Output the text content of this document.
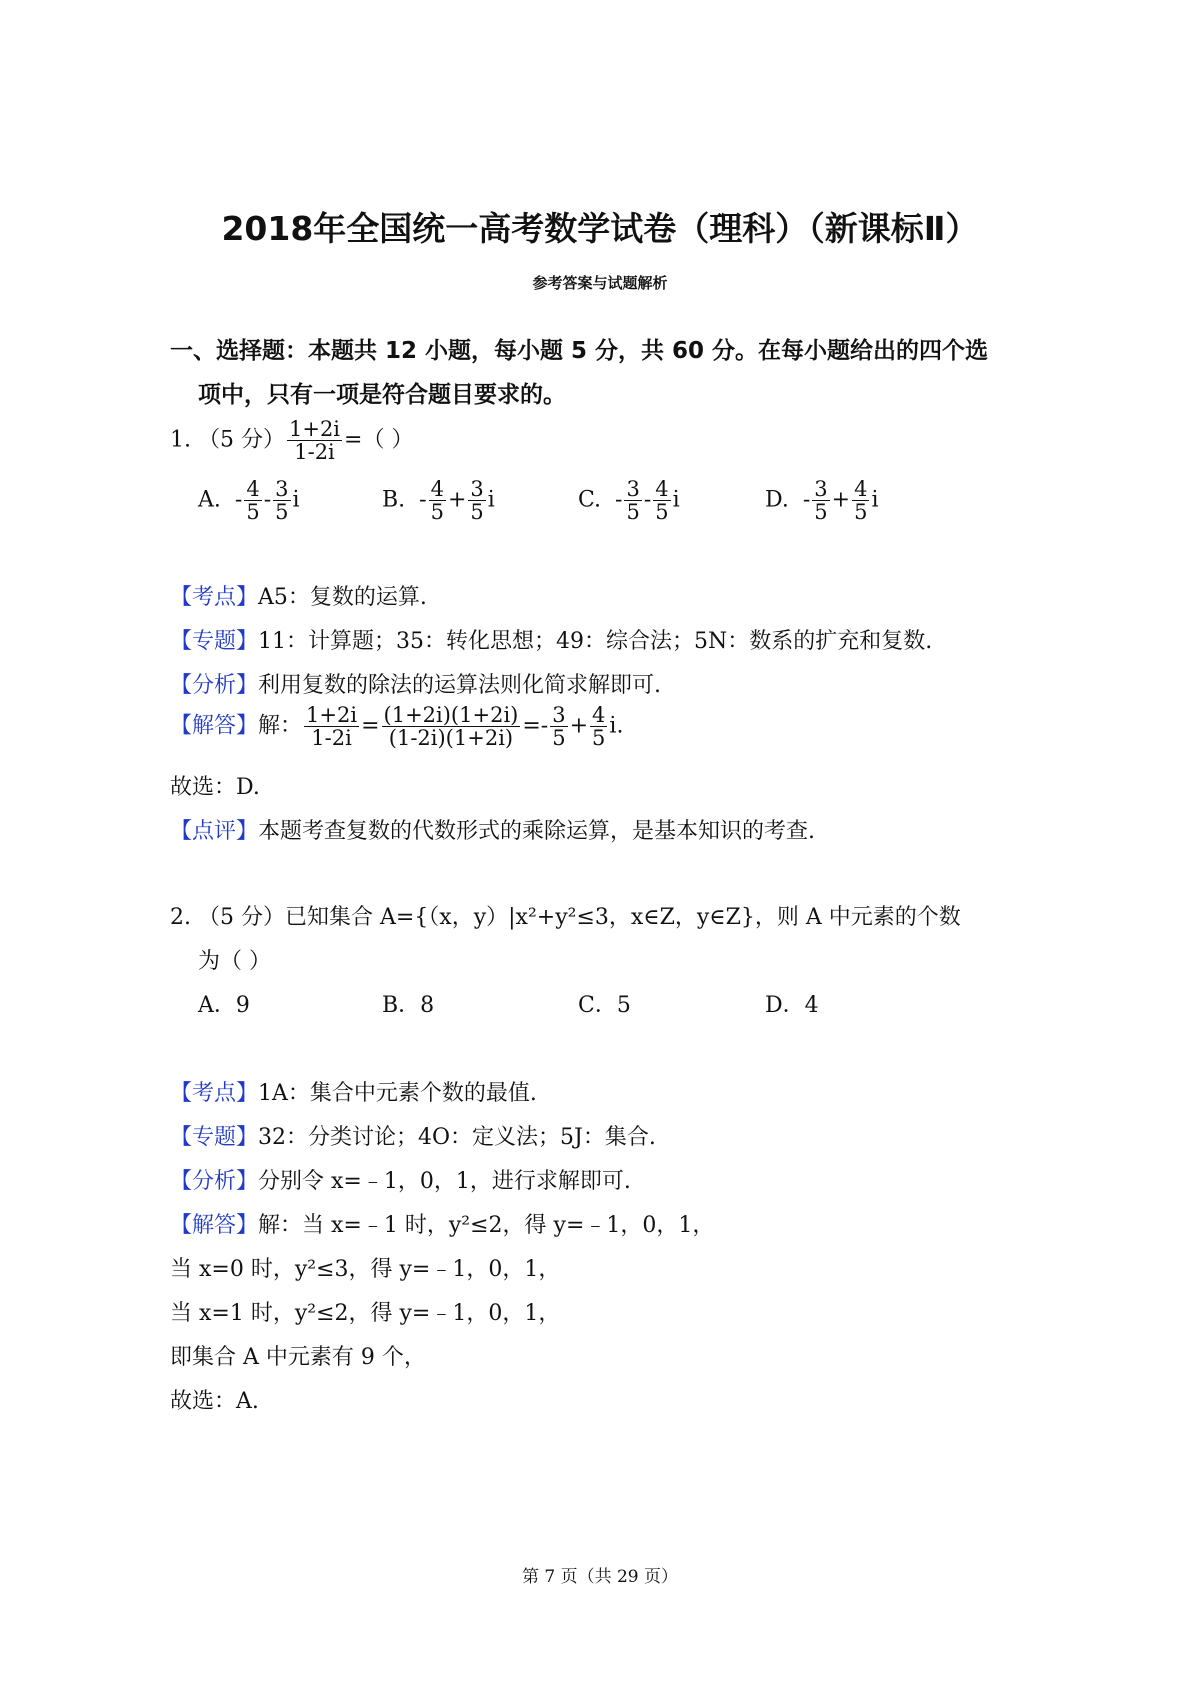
2018年全国统一高考数学试卷（理科）（新课标Ⅱ）
参考答案与试题解析
一、选择题：本题共 12 小题，每小题 5 分，共 60 分。在每小题给出的四个选
项中，只有一项是符合题目要求的。
1. （5 分） $\frac{1+2i}{1-2i}$ =（ ）
A. - $\frac{4}{5} - \frac{3}{5}$ i	B. - $\frac{4}{5} + \frac{3}{5}$ i	C. - $\frac{3}{5} - \frac{4}{5}$ i	D. - $\frac{3}{5} + \frac{4}{5}$ i
【考点】A5：复数的运算.
【专题】11：计算题；35：转化思想；49：综合法；5N：数系的扩充和复数.
【分析】利用复数的除法的运算法则化简求解即可.
【解答】解： $\frac{1+2i}{1-2i} = \frac{(1+2i)(1+2i)}{(1-2i)(1+2i)} =- \frac{3}{5} + \frac{4}{5} i$.
故选：D.
【点评】本题考查复数的代数形式的乘除运算，是基本知识的考查.
2. （5 分）已知集合 A={（x，y）|x²+y²≤3，x∈Z，y∈Z}，则 A 中元素的个数
为（ ）
A．9	B．8	C．5	D．4
【考点】1A：集合中元素个数的最值.
【专题】32：分类讨论；4O：定义法；5J：集合.
【分析】分别令 x=﹣1，0，1，进行求解即可.
【解答】解：当 x=﹣1 时，y²≤2，得 y=﹣1，0，1，
当 x=0 时，y²≤3，得 y=﹣1，0，1，
当 x=1 时，y²≤2，得 y=﹣1，0，1，
即集合 A 中元素有 9 个，
故选：A.
第 7 页（共 29 页）
